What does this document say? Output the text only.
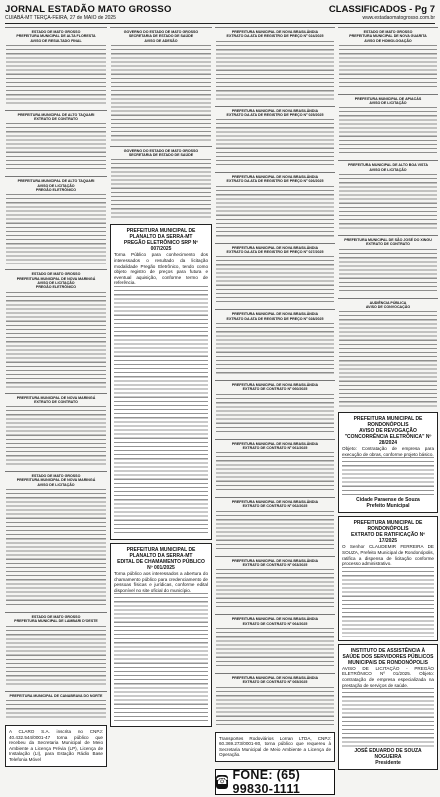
JORNAL ESTADÃO MATO GROSSO
CUIABÁ-MT TERÇA-FEIRA, 27 de MAIO de 2025
CLASSIFICADOS - Pg 7
www.estadaomatogrosso.com.br
ESTADO DE MATO GROSSO
PREFEITURA MUNICIPAL DE ALTA FLORESTA
AVISO DE RESULTADO FINAL
PREFEITURA MUNICIPAL DE ALTO TAQUARI
EXTRATO DE CONTRATO
PREFEITURA MUNICIPAL DE ALTO TAQUARI
AVISO DE LICITAÇÃO
PREGÃO ELETRÔNICO
ESTADO DE MATO GROSSO
PREFEITURA MUNICIPAL DE NOVA MARINGÁ
AVISO DE LICITAÇÃO
PREGÃO ELETRÔNICO
PREFEITURA MUNICIPAL DE NOVA MARINGÁ
EXTRATO DE CONTRATO
ESTADO DE MATO GROSSO
PREFEITURA MUNICIPAL DE NOVA MARINGÁ
AVISO DE LICITAÇÃO
ESTADO DE MATO GROSSO
PREFEITURA MUNICIPAL DE LAMBARI D'OESTE
PREFEITURA MUNICIPAL DE CANABRAVA DO NORTE
A CLARO S.A. inscrita no CNPJ: 40.432.544/0001-47 torna público que recebeu da Secretaria Municipal de Meio Ambiente a Licença Prévia (LP), Licença de Instalação (LI), para Estação Rádio Base Telefonia Móvel
GOVERNO DO ESTADO DE MATO GROSSO
SECRETARIA DE ESTADO DE SAÚDE
AVISO DE ADESÃO
GOVERNO DO ESTADO DE MATO GROSSO
SECRETARIA DE ESTADO DE SAÚDE
PREFEITURA MUNICIPAL DE PLANALTO DA SERRA-MT
PREGÃO ELETRÔNICO SRP Nº 007/2025
Torna Público para conhecimento dos interessados o resultado da licitação modalidade Pregão Eletrônico, tendo como objeto registro de preços para futura e eventual aquisição, conforme termo de referência.
PREFEITURA MUNICIPAL DE PLANALTO DA SERRA-MT
EDITAL DE CHAMAMENTO PÚBLICO Nº 001/2025
Torna público aos interessados a abertura do chamamento público para credenciamento de pessoas físicas e jurídicas, conforme edital disponível no site oficial do município.
PREFEITURA MUNICIPAL DE NOVA BRASILÂNDIA
EXTRATO DA ATA DE REGISTRO DE PREÇO Nº 024/2025
PREFEITURA MUNICIPAL DE NOVA BRASILÂNDIA
EXTRATO DA ATA DE REGISTRO DE PREÇO Nº 025/2025
PREFEITURA MUNICIPAL DE NOVA BRASILÂNDIA
EXTRATO DA ATA DE REGISTRO DE PREÇO Nº 026/2025
PREFEITURA MUNICIPAL DE NOVA BRASILÂNDIA
EXTRATO DA ATA DE REGISTRO DE PREÇO Nº 027/2025
PREFEITURA MUNICIPAL DE NOVA BRASILÂNDIA
EXTRATO DA ATA DE REGISTRO DE PREÇO Nº 028/2025
PREFEITURA MUNICIPAL DE NOVA BRASILÂNDIA
EXTRATO DE CONTRATO Nº 060/2025
PREFEITURA MUNICIPAL DE NOVA BRASILÂNDIA
EXTRATO DE CONTRATO Nº 061/2025
PREFEITURA MUNICIPAL DE NOVA BRASILÂNDIA
EXTRATO DE CONTRATO Nº 062/2025
PREFEITURA MUNICIPAL DE NOVA BRASILÂNDIA
EXTRATO DE CONTRATO Nº 063/2025
PREFEITURA MUNICIPAL DE NOVA BRASILÂNDIA
EXTRATO DE CONTRATO Nº 064/2025
PREFEITURA MUNICIPAL DE NOVA BRASILÂNDIA
EXTRATO DE CONTRATO Nº 065/2025
Transportes Rodoviários Lorran LTDA, CNPJ: 60.369.273/0001-80, torna público que requereu à Secretaria Municipal de Meio Ambiente a Licença de Operação.
☎ FONE: (65) 99830-1111
ESTADO DE MATO GROSSO
PREFEITURA MUNICIPAL DE NOVA GUARITA
AVISO DE HOMOLOGAÇÃO
PREFEITURA MUNICIPAL DE APIACÁS
AVISO DE LICITAÇÃO
PREFEITURA MUNICIPAL DE ALTO BOA VISTA
AVISO DE LICITAÇÃO
PREFEITURA MUNICIPAL DE SÃO JOSÉ DO XINGU
EXTRATO DE CONTRATO
AUDIÊNCIA PÚBLICA
AVISO DE CONVOCAÇÃO
PREFEITURA MUNICIPAL DE RONDONÓPOLIS
AVISO DE REVOGAÇÃO
"CONCORRÊNCIA ELETRÔNICA" Nº 28/2024
Objeto: Contratação de empresa para execução de obras, conforme projeto básico.
Cidade Paraense de Souza
Prefeito Municipal
PREFEITURA MUNICIPAL DE RONDONÓPOLIS
EXTRATO DE RATIFICAÇÃO Nº 17/2025
O Senhor CLAUDEMIR FERREIRA DE SOUZA, Prefeito Municipal de Rondonópolis, ratifica a dispensa de licitação conforme processo administrativo.
INSTITUTO DE ASSISTÊNCIA À SAÚDE DOS SERVIDORES PÚBLICOS MUNICIPAIS DE RONDONÓPOLIS
AVISO DE LICITAÇÃO - PREGÃO ELETRÔNICO Nº 01/2025. Objeto: contratação de empresa especializada na prestação de serviços de saúde.
JOSÉ EDUARDO DE SOUZA NOGUEIRA
Presidente
